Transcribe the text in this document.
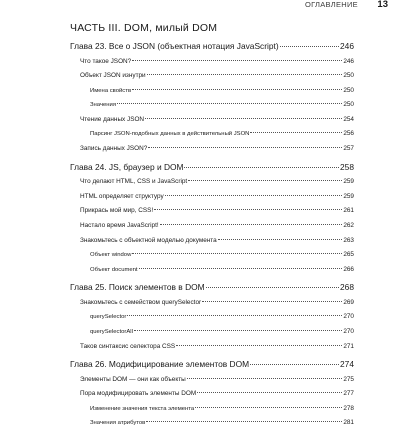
ОГЛАВЛЕНИЕ 13
ЧАСТЬ III. DOM, милый DOM
Глава 23. Все о JSON (объектная нотация JavaScript)	246
Что такое JSON?	246
Объект JSON изнутри	250
Имена свойств	250
Значения	250
Чтение данных JSON	254
Парсинг JSON-подобных данных в действительный JSON	256
Запись данных JSON?	257
Глава 24. JS, браузер и DOM	258
Что делают HTML, CSS и JavaScript	259
HTML определяет структуру	259
Прикрась мой мир, CSS!	261
Настало время JavaScript!	262
Знакомьтесь с объектной моделью документа	263
Объект window	265
Объект document	266
Глава 25. Поиск элементов в DOM	268
Знакомьтесь с семейством querySelector	269
querySelector	270
querySelectorAll	270
Таков синтаксис селектора CSS	271
Глава 26. Модифицирование элементов DOM	274
Элементы DOM — они как объекты	275
Пора модифицировать элементы DOM	277
Изменение значения текста элемента	278
Значения атрибутов	281
